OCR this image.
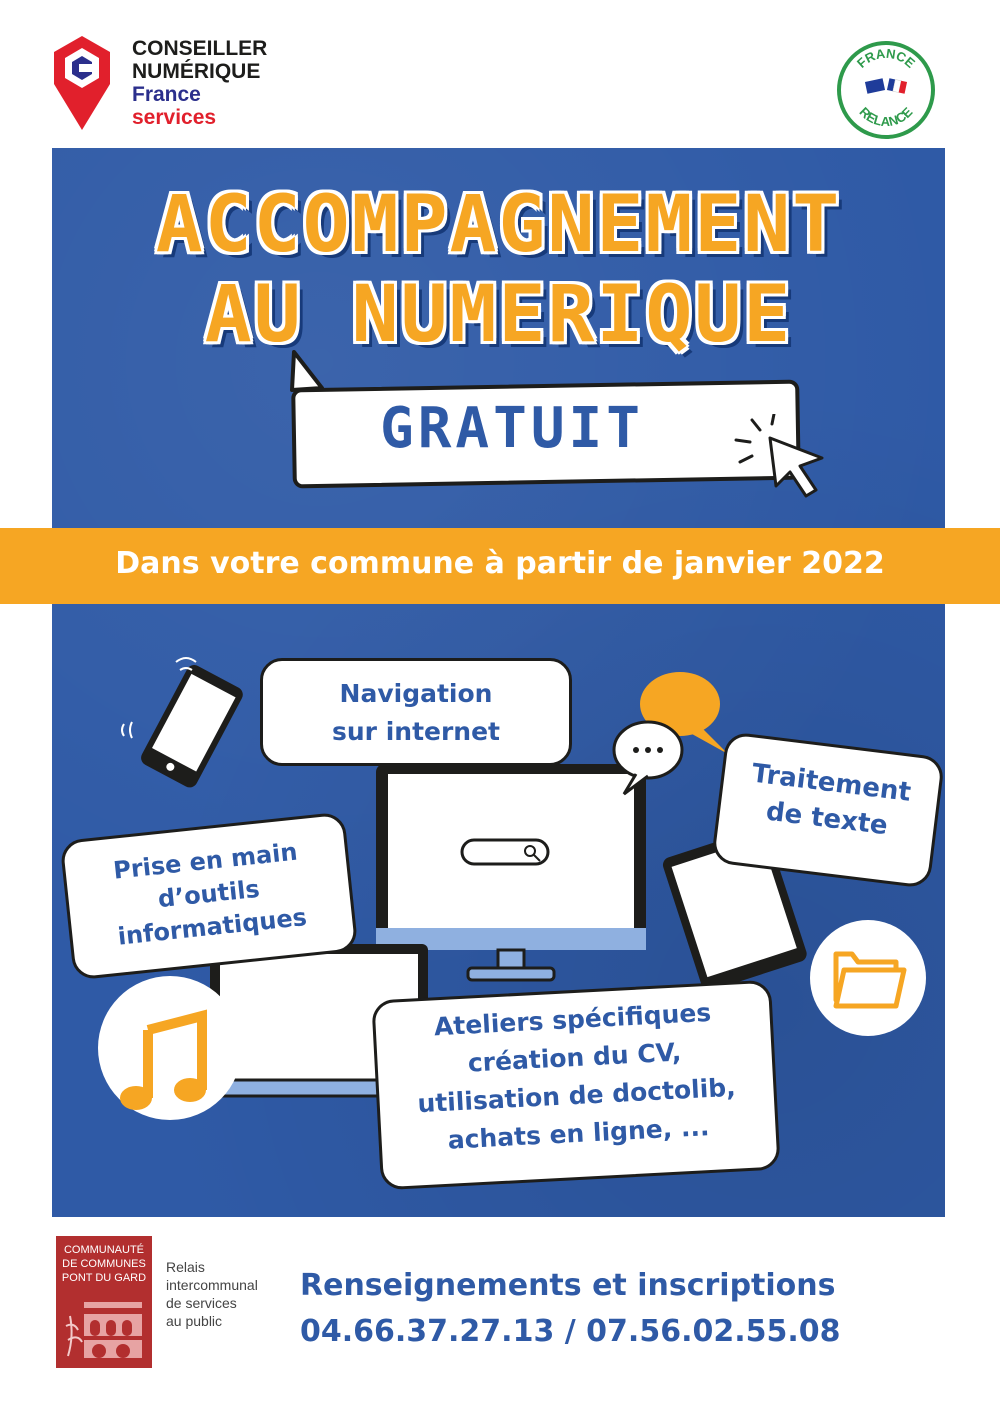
CONSEILLER
NUMÉRIQUE
France
services
FRANCE
RELANCE
ACCOMPAGNEMENT
AU NUMERIQUE
GRATUIT
Dans votre commune à partir de janvier 2022
Navigation
sur internet
Prise en main
d’outils
informatiques
Traitement
de texte
Ateliers spécifiques
création du CV,
utilisation de doctolib,
achats en ligne, ...
COMMUNAUTÉ
DE COMMUNES
PONT DU GARD
Relais
intercommunal
de services
au public
Renseignements et inscriptions
04.66.37.27.13 / 07.56.02.55.08
